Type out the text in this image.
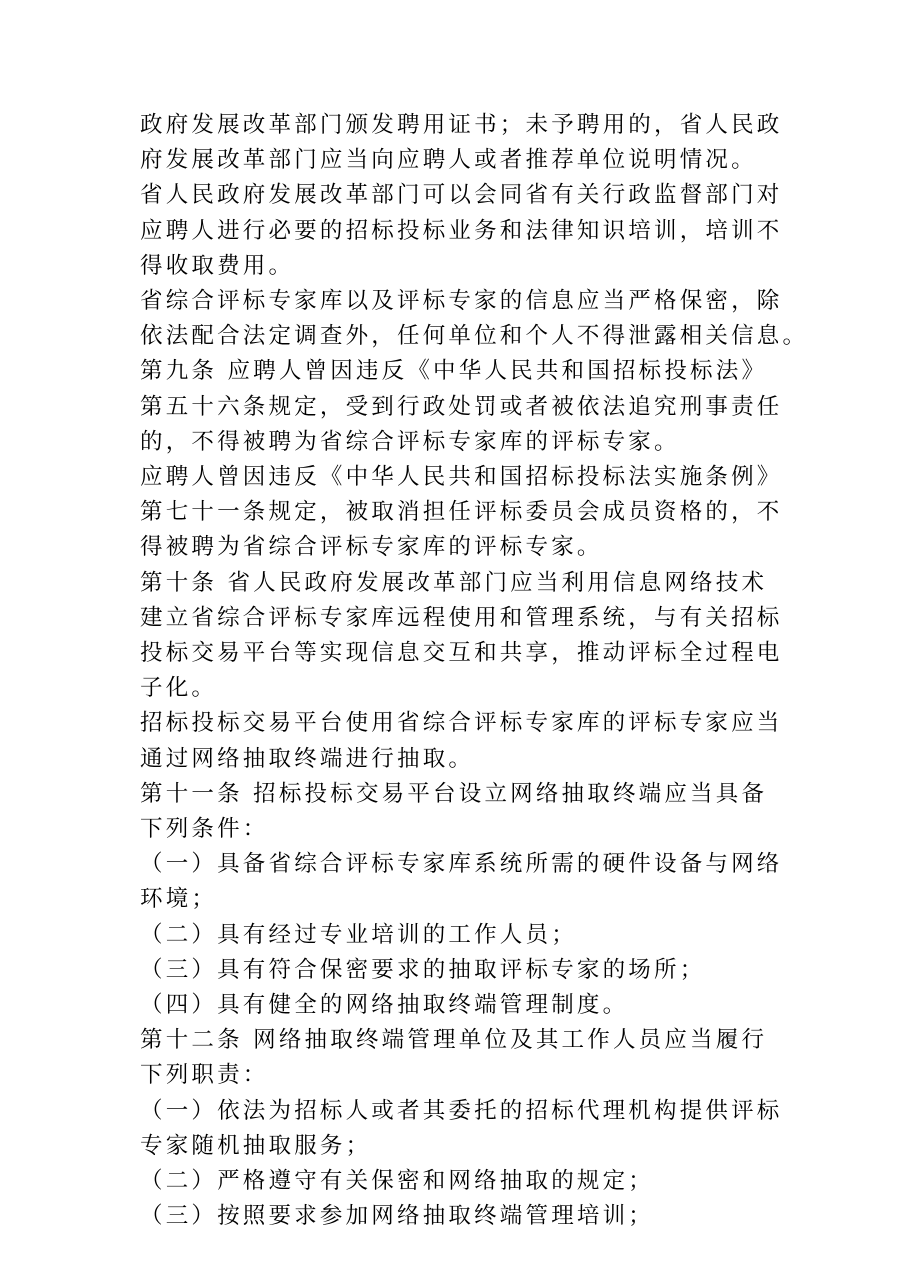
政府发展改革部门颁发聘用证书；未予聘用的，省人民政
府发展改革部门应当向应聘人或者推荐单位说明情况。
省人民政府发展改革部门可以会同省有关行政监督部门对
应聘人进行必要的招标投标业务和法律知识培训，培训不
得收取费用。
省综合评标专家库以及评标专家的信息应当严格保密，除
依法配合法定调查外，任何单位和个人不得泄露相关信息。
第九条 应聘人曾因违反《中华人民共和国招标投标法》
第五十六条规定，受到行政处罚或者被依法追究刑事责任
的，不得被聘为省综合评标专家库的评标专家。
应聘人曾因违反《中华人民共和国招标投标法实施条例》
第七十一条规定，被取消担任评标委员会成员资格的，不
得被聘为省综合评标专家库的评标专家。
第十条 省人民政府发展改革部门应当利用信息网络技术
建立省综合评标专家库远程使用和管理系统，与有关招标
投标交易平台等实现信息交互和共享，推动评标全过程电
子化。
招标投标交易平台使用省综合评标专家库的评标专家应当
通过网络抽取终端进行抽取。
第十一条 招标投标交易平台设立网络抽取终端应当具备
下列条件：
（一）具备省综合评标专家库系统所需的硬件设备与网络
环境；
（二）具有经过专业培训的工作人员；
（三）具有符合保密要求的抽取评标专家的场所；
（四）具有健全的网络抽取终端管理制度。
第十二条 网络抽取终端管理单位及其工作人员应当履行
下列职责：
（一）依法为招标人或者其委托的招标代理机构提供评标
专家随机抽取服务；
（二）严格遵守有关保密和网络抽取的规定；
（三）按照要求参加网络抽取终端管理培训；
